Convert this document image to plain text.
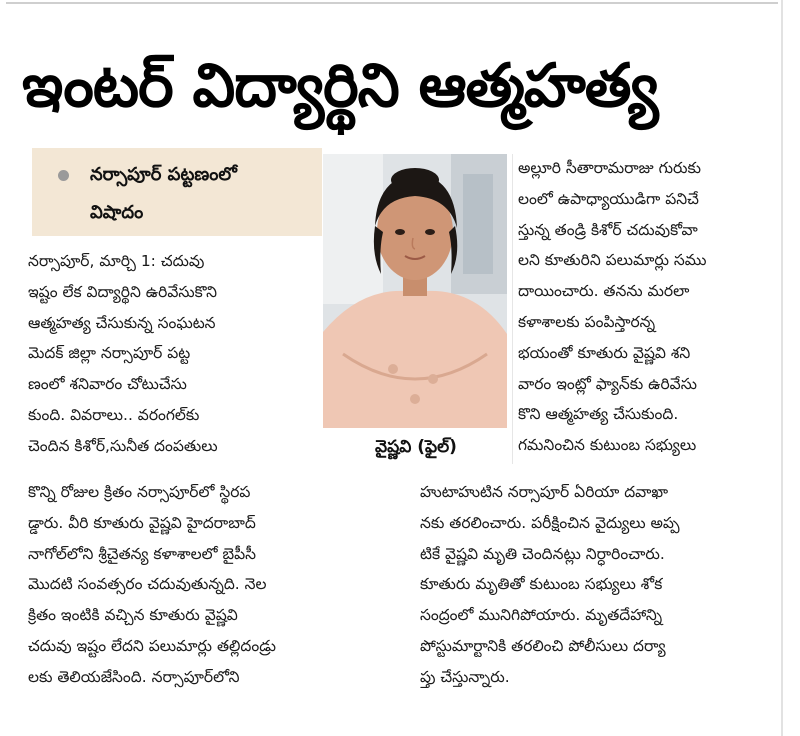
ఇంటర్ విద్యార్థిని ఆత్మహత్య

నర్సాపూర్ పట్టణంలో

విషాదం

వైష్ణవి (ఫైల్)
నర్సాపూర్, మార్చి 1: చదువు
ఇష్టం లేక విద్యార్థిని ఉరివేసుకొని
ఆత్మహత్య చేసుకున్న సంఘటన
మెదక్ జిల్లా నర్సాపూర్ పట్ట
ణంలో శనివారం చోటుచేసు
కుంది. వివరాలు.. వరంగల్‌కు
చెందిన కిశోర్,సునీత దంపతులు
కొన్ని రోజుల క్రితం నర్సాపూర్‌లో స్థిరప
డ్డారు. వీరి కూతురు వైష్ణవి హైదరాబాద్
నాగోల్‌లోని శ్రీచైతన్య కళాశాలలో బైపీసీ
మొదటి సంవత్సరం చదువుతున్నది. నెల
క్రితం ఇంటికి వచ్చిన కూతురు వైష్ణవి
చదువు ఇష్టం లేదని పలుమార్లు తల్లిదండ్రు
లకు తెలియజేసింది. నర్సాపూర్‌లోని
అల్లూరి సీతారామరాజు గురుకు
లంలో ఉపాధ్యాయుడిగా పనిచే
స్తున్న తండ్రి కిశోర్ చదువుకోవా
లని కూతురిని పలుమార్లు సము
దాయించారు. తనను మరలా
కళాశాలకు పంపిస్తారన్న
భయంతో కూతురు వైష్ణవి శని
వారం ఇంట్లో ఫ్యాన్‌కు ఉరివేసు
కొని ఆత్మహత్య చేసుకుంది.
గమనించిన కుటుంబ సభ్యులు
హుటాహుటిన నర్సాపూర్ ఏరియా దవాఖా
నకు తరలించారు. పరీక్షించిన వైద్యులు అప్ప
టికే వైష్ణవి మృతి చెందినట్లు నిర్ధారించారు.
కూతురు మృతితో కుటుంబ సభ్యులు శోక
సంద్రంలో మునిగిపోయారు. మృతదేహాన్ని
పోస్టుమార్టానికి తరలించి పోలీసులు దర్యా
ప్తు చేస్తున్నారు.
